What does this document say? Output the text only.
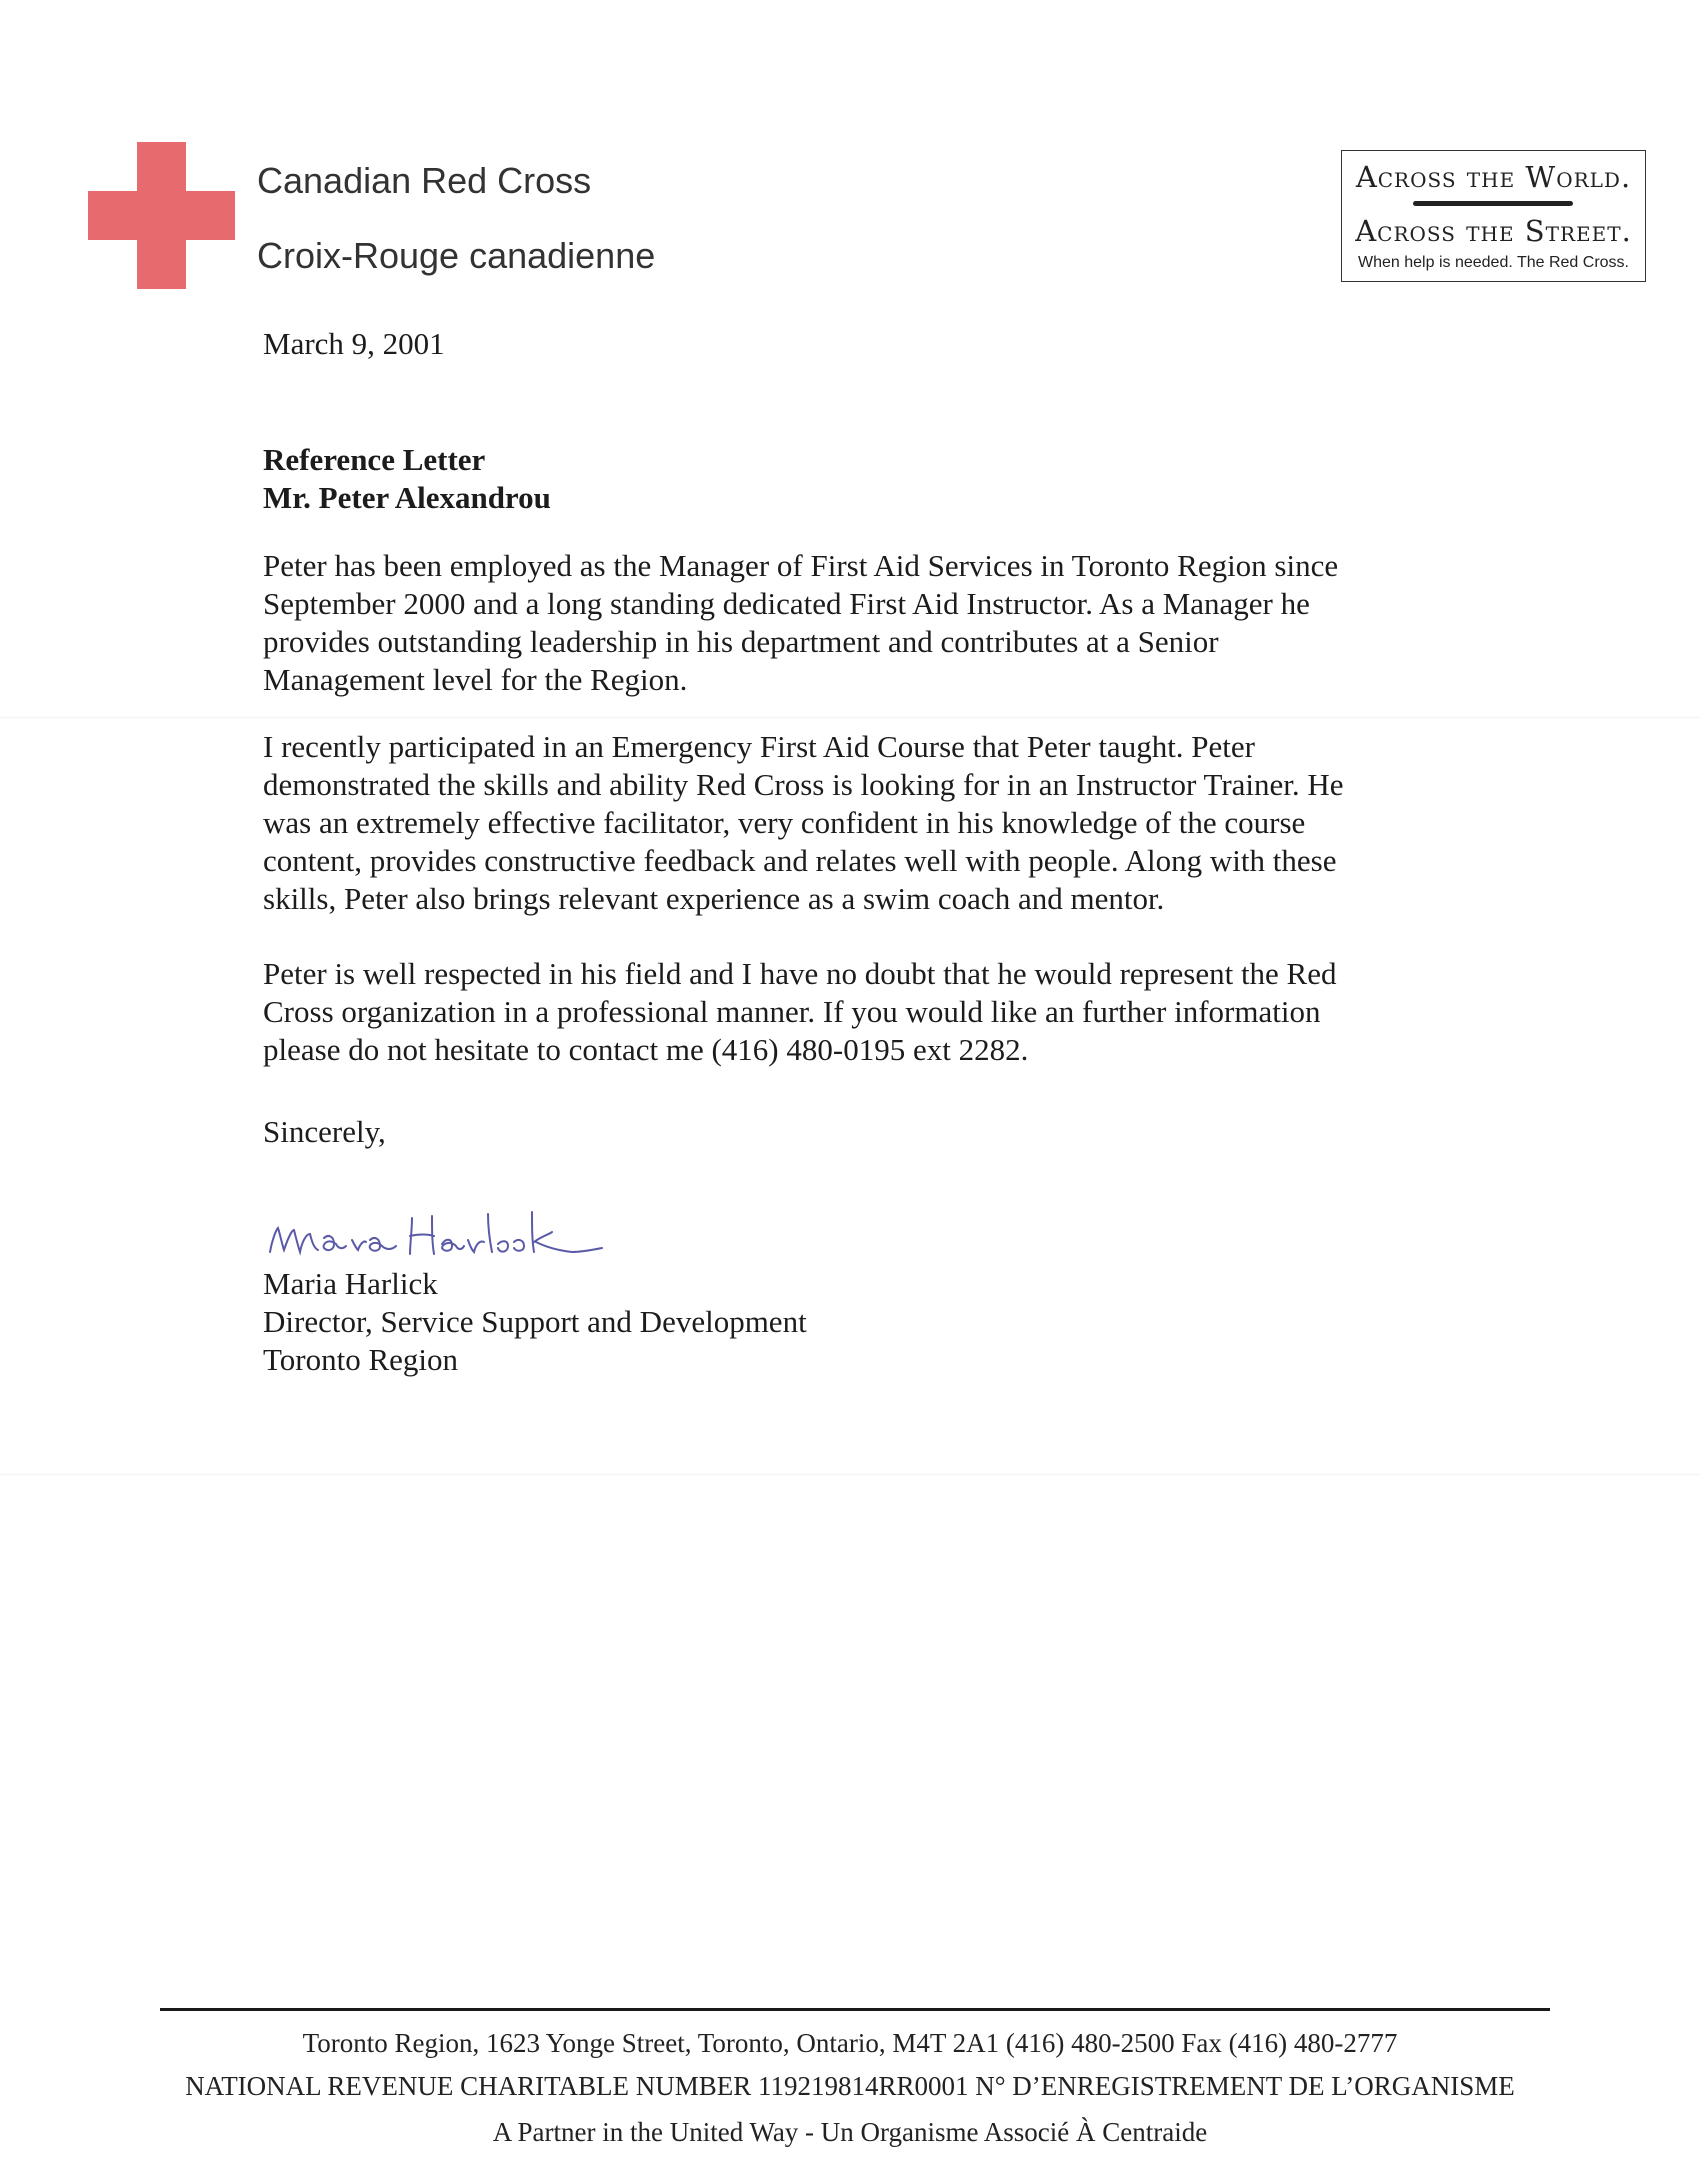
Canadian Red Cross
Croix-Rouge canadienne
Across the World.
Across the Street.
When help is needed. The Red Cross.
March 9, 2001
Reference Letter
Mr. Peter Alexandrou

Peter has been employed as the Manager of First Aid Services in Toronto Region since

September 2000 and a long standing dedicated First Aid Instructor. As a Manager he

provides outstanding leadership in his department and contributes at a Senior

Management level for the Region.

I recently participated in an Emergency First Aid Course that Peter taught. Peter

demonstrated the skills and ability Red Cross is looking for in an Instructor Trainer. He

was an extremely effective facilitator, very confident in his knowledge of the course

content, provides constructive feedback and relates well with people. Along with these

skills, Peter also brings relevant experience as a swim coach and mentor.

Peter is well respected in his field and I have no doubt that he would represent the Red

Cross organization in a professional manner. If you would like an further information

please do not hesitate to contact me (416) 480-0195 ext 2282.

Sincerely,
Maria Harlick
Director, Service Support and Development
Toronto Region
Toronto Region, 1623 Yonge Street, Toronto, Ontario, M4T 2A1 (416) 480-2500 Fax (416) 480-2777
NATIONAL REVENUE CHARITABLE NUMBER 119219814RR0001 N° D’ENREGISTREMENT DE L’ORGANISME
A Partner in the United Way - Un Organisme Associé À Centraide
